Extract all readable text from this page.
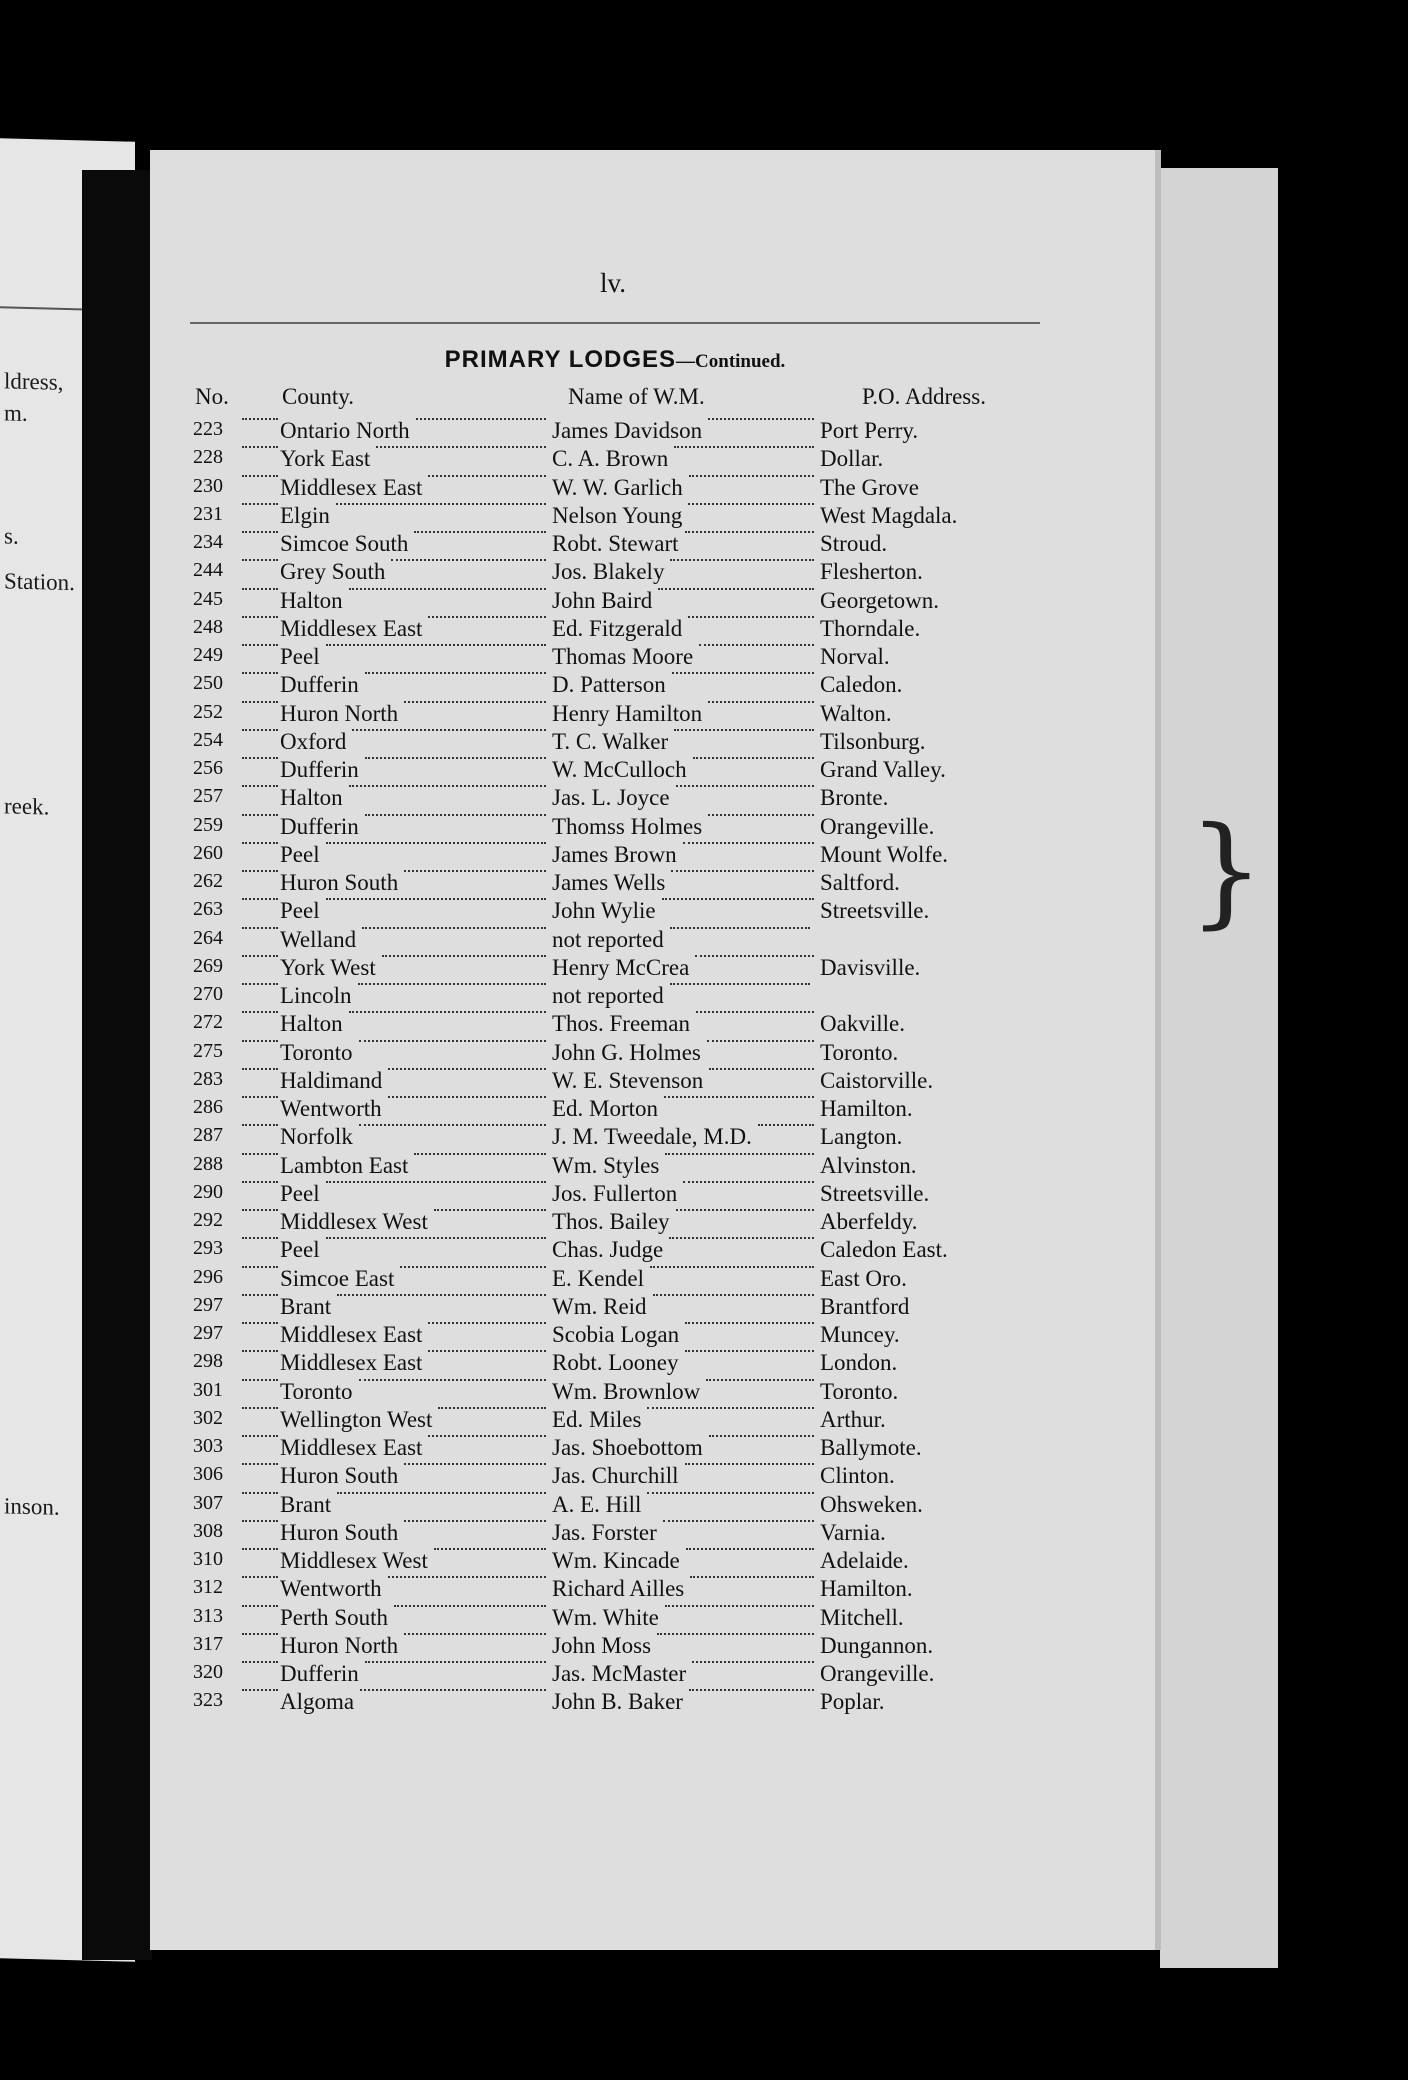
ldress,
m.
s.
Station.
reek.
inson.
}
lv.
PRIMARY LODGES—Continued.
No. County.	Name of W.M.	P.O. Address.
223 Ontario North	James Davidson	Port Perry.
228 York East	C. A. Brown	Dollar.
230 Middlesex East	W. W. Garlich	The Grove
231 Elgin	Nelson Young	West Magdala.
234 Simcoe South	Robt. Stewart	Stroud.
244 Grey South	Jos. Blakely	Flesherton.
245 Halton	John Baird	Georgetown.
248 Middlesex East	Ed. Fitzgerald	Thorndale.
249 Peel	Thomas Moore	Norval.
250 Dufferin	D. Patterson	Caledon.
252 Huron North	Henry Hamilton	Walton.
254 Oxford	T. C. Walker	Tilsonburg.
256 Dufferin	W. McCulloch	Grand Valley.
257 Halton	Jas. L. Joyce	Bronte.
259 Dufferin	Thomss Holmes	Orangeville.
260 Peel	James Brown	Mount Wolfe.
262 Huron South	James Wells	Saltford.
263 Peel	John Wylie	Streetsville.
264 Welland	not reported
269 York West	Henry McCrea	Davisville.
270 Lincoln	not reported
272 Halton	Thos. Freeman	Oakville.
275 Toronto	John G. Holmes	Toronto.
283 Haldimand	W. E. Stevenson	Caistorville.
286 Wentworth	Ed. Morton	Hamilton.
287 Norfolk	J. M. Tweedale, M.D.	Langton.
288 Lambton East	Wm. Styles	Alvinston.
290 Peel	Jos. Fullerton	Streetsville.
292 Middlesex West	Thos. Bailey	Aberfeldy.
293 Peel	Chas. Judge	Caledon East.
296 Simcoe East	E. Kendel	East Oro.
297 Brant	Wm. Reid	Brantford
297 Middlesex East	Scobia Logan	Muncey.
298 Middlesex East	Robt. Looney	London.
301 Toronto	Wm. Brownlow	Toronto.
302 Wellington West	Ed. Miles	Arthur.
303 Middlesex East	Jas. Shoebottom	Ballymote.
306 Huron South	Jas. Churchill	Clinton.
307 Brant	A. E. Hill	Ohsweken.
308 Huron South	Jas. Forster	Varnia.
310 Middlesex West	Wm. Kincade	Adelaide.
312 Wentworth	Richard Ailles	Hamilton.
313 Perth South	Wm. White	Mitchell.
317 Huron North	John Moss	Dungannon.
320 Dufferin	Jas. McMaster	Orangeville.
323 Algoma	John B. Baker	Poplar.
